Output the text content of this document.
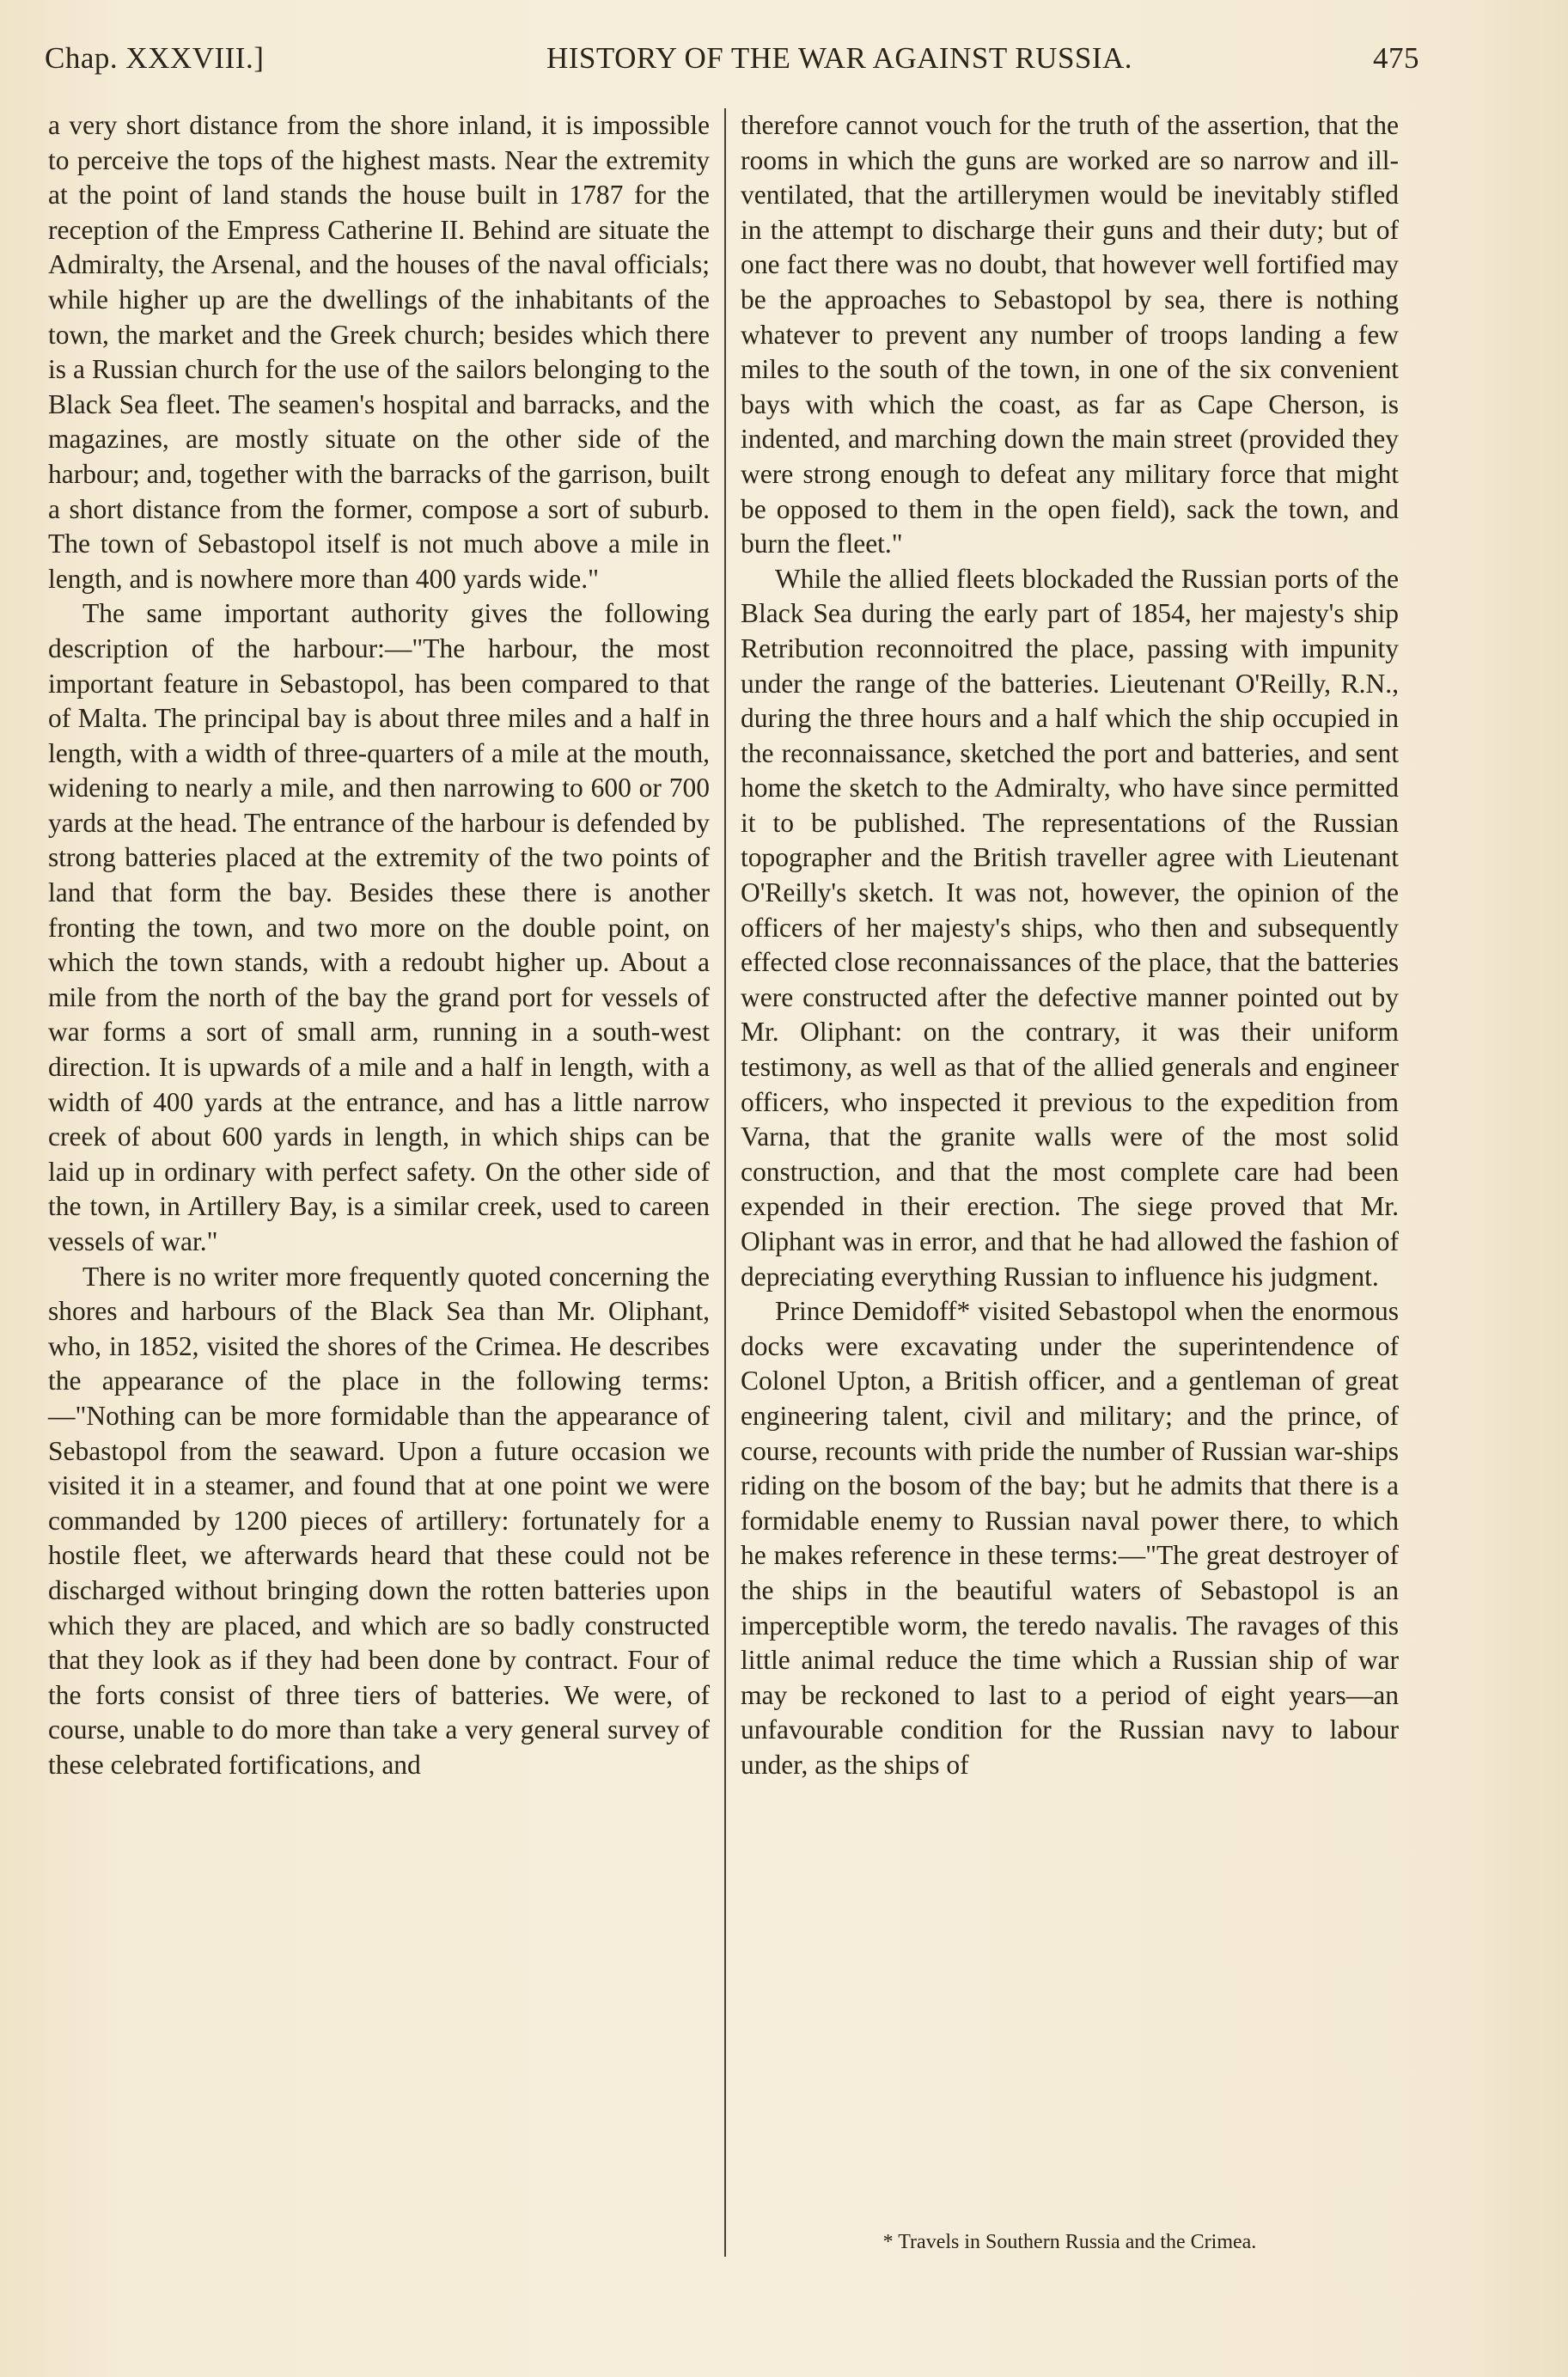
Chap. XXXVIII.]	HISTORY OF THE WAR AGAINST RUSSIA.	475

a very short distance from the shore inland, it is impossible to perceive the tops of the highest masts. Near the extremity at the point of land stands the house built in 1787 for the reception of the Empress Catherine II. Behind are situate the Admiralty, the Arsenal, and the houses of the naval officials; while higher up are the dwellings of the inhabitants of the town, the market and the Greek church; besides which there is a Russian church for the use of the sailors belonging to the Black Sea fleet. The seamen's hospital and barracks, and the magazines, are mostly situate on the other side of the harbour; and, together with the barracks of the garrison, built a short distance from the former, compose a sort of suburb. The town of Sebastopol itself is not much above a mile in length, and is nowhere more than 400 yards wide."

The same important authority gives the following description of the harbour:—"The harbour, the most important feature in Sebastopol, has been compared to that of Malta. The principal bay is about three miles and a half in length, with a width of three-quarters of a mile at the mouth, widening to nearly a mile, and then narrowing to 600 or 700 yards at the head. The entrance of the harbour is defended by strong batteries placed at the extremity of the two points of land that form the bay. Besides these there is another fronting the town, and two more on the double point, on which the town stands, with a redoubt higher up. About a mile from the north of the bay the grand port for vessels of war forms a sort of small arm, running in a south-west direction. It is upwards of a mile and a half in length, with a width of 400 yards at the entrance, and has a little narrow creek of about 600 yards in length, in which ships can be laid up in ordinary with perfect safety. On the other side of the town, in Artillery Bay, is a similar creek, used to careen vessels of war."

There is no writer more frequently quoted concerning the shores and harbours of the Black Sea than Mr. Oliphant, who, in 1852, visited the shores of the Crimea. He describes the appearance of the place in the following terms:—"Nothing can be more formidable than the appearance of Sebastopol from the seaward. Upon a future occasion we visited it in a steamer, and found that at one point we were commanded by 1200 pieces of artillery: fortunately for a hostile fleet, we afterwards heard that these could not be discharged without bringing down the rotten batteries upon which they are placed, and which are so badly constructed that they look as if they had been done by contract. Four of the forts consist of three tiers of batteries. We were, of course, unable to do more than take a very general survey of these celebrated fortifications, and

therefore cannot vouch for the truth of the assertion, that the rooms in which the guns are worked are so narrow and ill-ventilated, that the artillerymen would be inevitably stifled in the attempt to discharge their guns and their duty; but of one fact there was no doubt, that however well fortified may be the approaches to Sebastopol by sea, there is nothing whatever to prevent any number of troops landing a few miles to the south of the town, in one of the six convenient bays with which the coast, as far as Cape Cherson, is indented, and marching down the main street (provided they were strong enough to defeat any military force that might be opposed to them in the open field), sack the town, and burn the fleet."

While the allied fleets blockaded the Russian ports of the Black Sea during the early part of 1854, her majesty's ship Retribution reconnoitred the place, passing with impunity under the range of the batteries. Lieutenant O'Reilly, R.N., during the three hours and a half which the ship occupied in the reconnaissance, sketched the port and batteries, and sent home the sketch to the Admiralty, who have since permitted it to be published. The representations of the Russian topographer and the British traveller agree with Lieutenant O'Reilly's sketch. It was not, however, the opinion of the officers of her majesty's ships, who then and subsequently effected close reconnaissances of the place, that the batteries were constructed after the defective manner pointed out by Mr. Oliphant: on the contrary, it was their uniform testimony, as well as that of the allied generals and engineer officers, who inspected it previous to the expedition from Varna, that the granite walls were of the most solid construction, and that the most complete care had been expended in their erection. The siege proved that Mr. Oliphant was in error, and that he had allowed the fashion of depreciating everything Russian to influence his judgment.

Prince Demidoff* visited Sebastopol when the enormous docks were excavating under the superintendence of Colonel Upton, a British officer, and a gentleman of great engineering talent, civil and military; and the prince, of course, recounts with pride the number of Russian war-ships riding on the bosom of the bay; but he admits that there is a formidable enemy to Russian naval power there, to which he makes reference in these terms:—"The great destroyer of the ships in the beautiful waters of Sebastopol is an imperceptible worm, the teredo navalis. The ravages of this little animal reduce the time which a Russian ship of war may be reckoned to last to a period of eight years—an unfavourable condition for the Russian navy to labour under, as the ships of

* Travels in Southern Russia and the Crimea.
